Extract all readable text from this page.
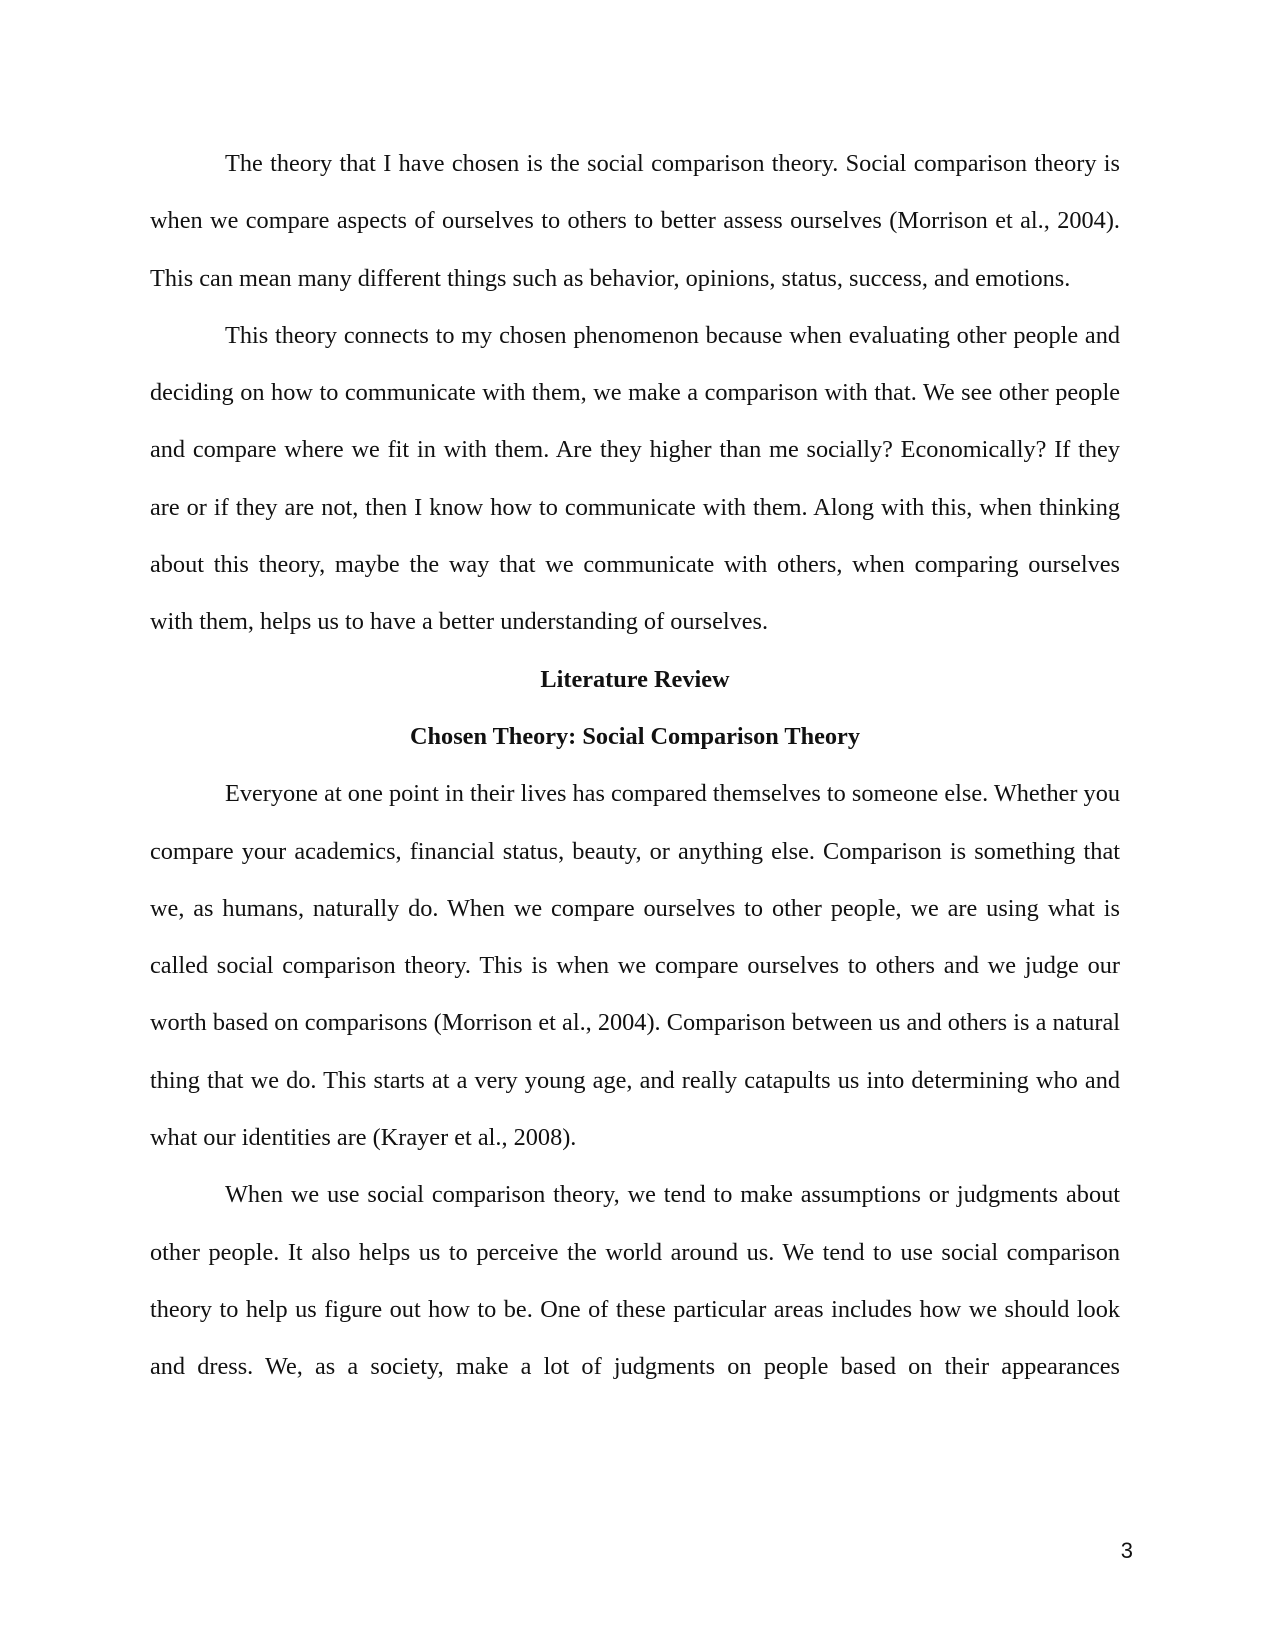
The theory that I have chosen is the social comparison theory. Social comparison theory is when we compare aspects of ourselves to others to better assess ourselves (Morrison et al., 2004). This can mean many different things such as behavior, opinions, status, success, and emotions.

This theory connects to my chosen phenomenon because when evaluating other people and deciding on how to communicate with them, we make a comparison with that. We see other people and compare where we fit in with them. Are they higher than me socially? Economically? If they are or if they are not, then I know how to communicate with them. Along with this, when thinking about this theory, maybe the way that we communicate with others, when comparing ourselves with them, helps us to have a better understanding of ourselves.

Literature Review
Chosen Theory: Social Comparison Theory

Everyone at one point in their lives has compared themselves to someone else. Whether you compare your academics, financial status, beauty, or anything else. Comparison is something that we, as humans, naturally do. When we compare ourselves to other people, we are using what is called social comparison theory. This is when we compare ourselves to others and we judge our worth based on comparisons (Morrison et al., 2004). Comparison between us and others is a natural thing that we do. This starts at a very young age, and really catapults us into determining who and what our identities are (Krayer et al., 2008).

When we use social comparison theory, we tend to make assumptions or judgments about other people. It also helps us to perceive the world around us. We tend to use social comparison theory to help us figure out how to be. One of these particular areas includes how we should look and dress. We, as a society, make a lot of judgments on people based on their appearances

3
